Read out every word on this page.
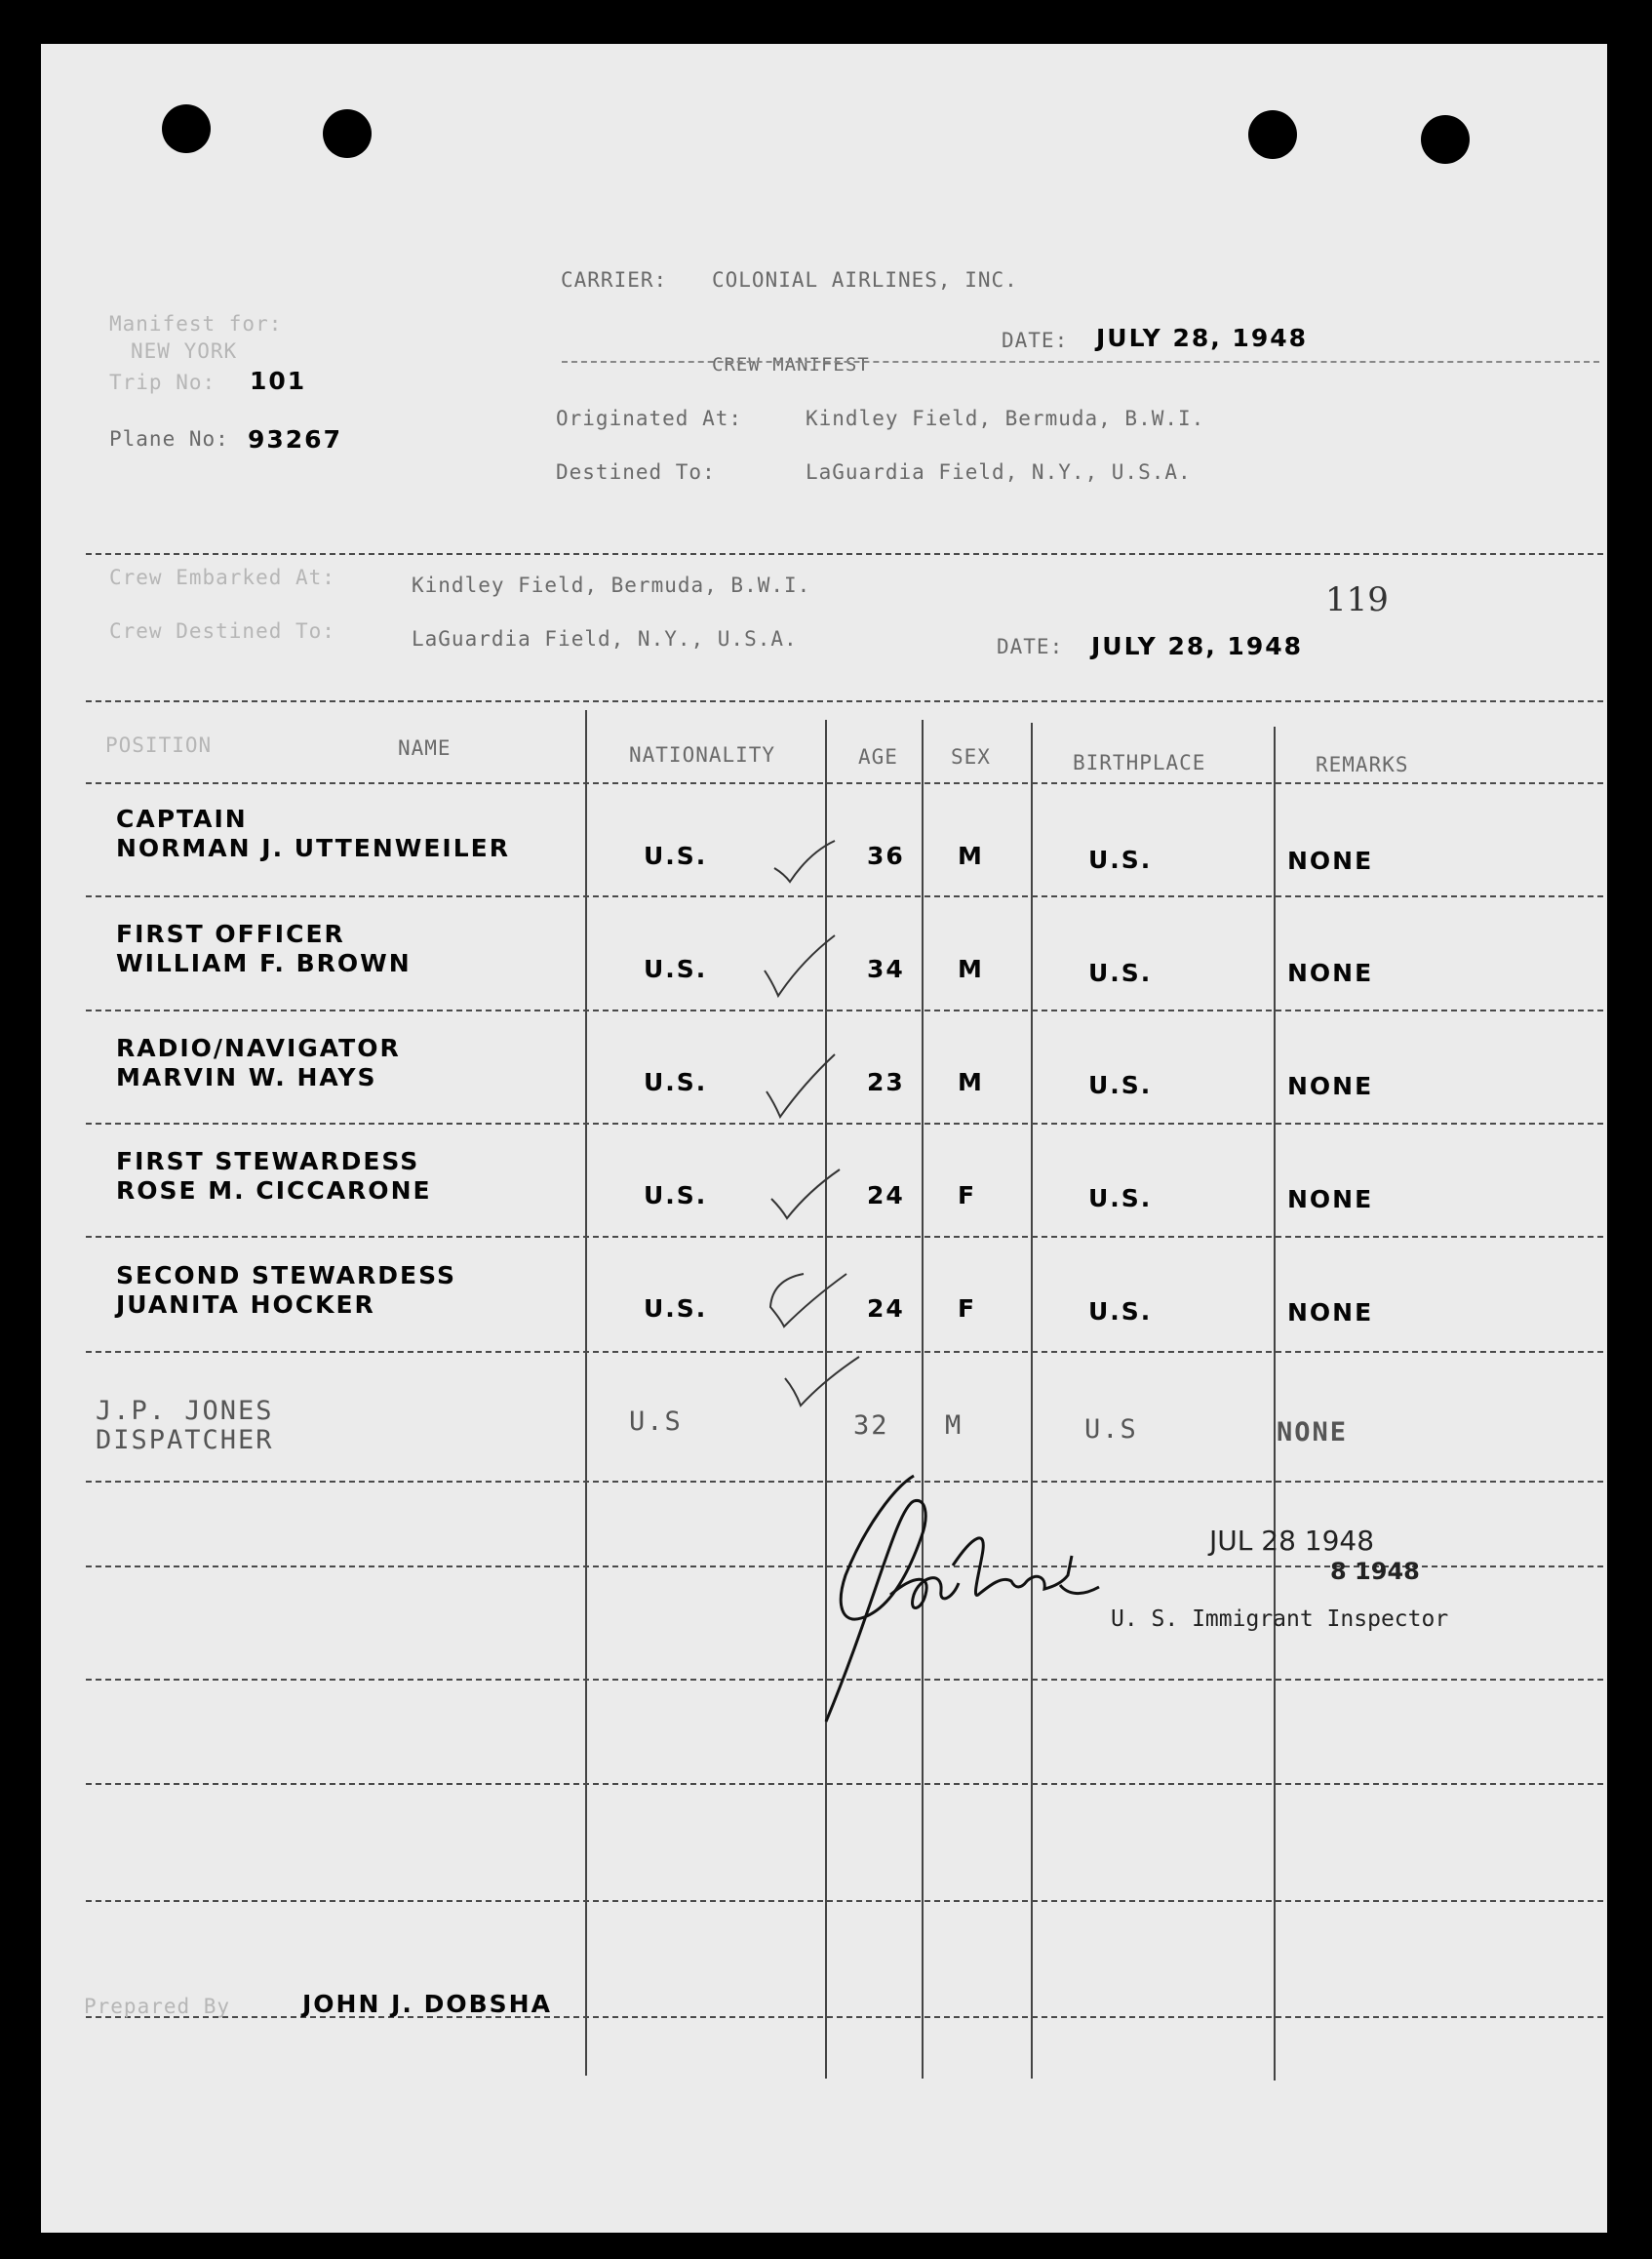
CARRIER: COLONIAL AIRLINES, INC.
DATE: JULY 28, 1948
CREW MANIFEST
Manifest for:
NEW YORK
Trip No: 101
Plane No: 93267
Originated At:	Kindley Field, Bermuda, B.W.I.
Destined To:	LaGuardia Field, N.Y., U.S.A.
Crew Embarked At:	Kindley Field, Bermuda, B.W.I.	119
Crew Destined To:	LaGuardia Field, N.Y., U.S.A.	DATE: JULY 28, 1948
POSITION	NAME	NATIONALITY	AGE	SEX	BIRTHPLACE	REMARKS
CAPTAIN
NORMAN J. UTTENWEILER	U.S.	36 M	U.S.	NONE
FIRST OFFICER
WILLIAM F. BROWN	U.S.	34 M	U.S.	NONE
RADIO/NAVIGATOR
MARVIN W. HAYS	U.S.	23 M	U.S.	NONE
FIRST STEWARDESS
ROSE M. CICCARONE	U.S.	24 F	U.S.	NONE
SECOND STEWARDESS
JUANITA HOCKER	U.S.	24 F	U.S.	NONE
J.P. JONES
DISPATCHER
U.S	32 M	U.S	NONE
JUL 28 1948
8 1948
U. S. Immigrant Inspector
Prepared By	JOHN J. DOBSHA
